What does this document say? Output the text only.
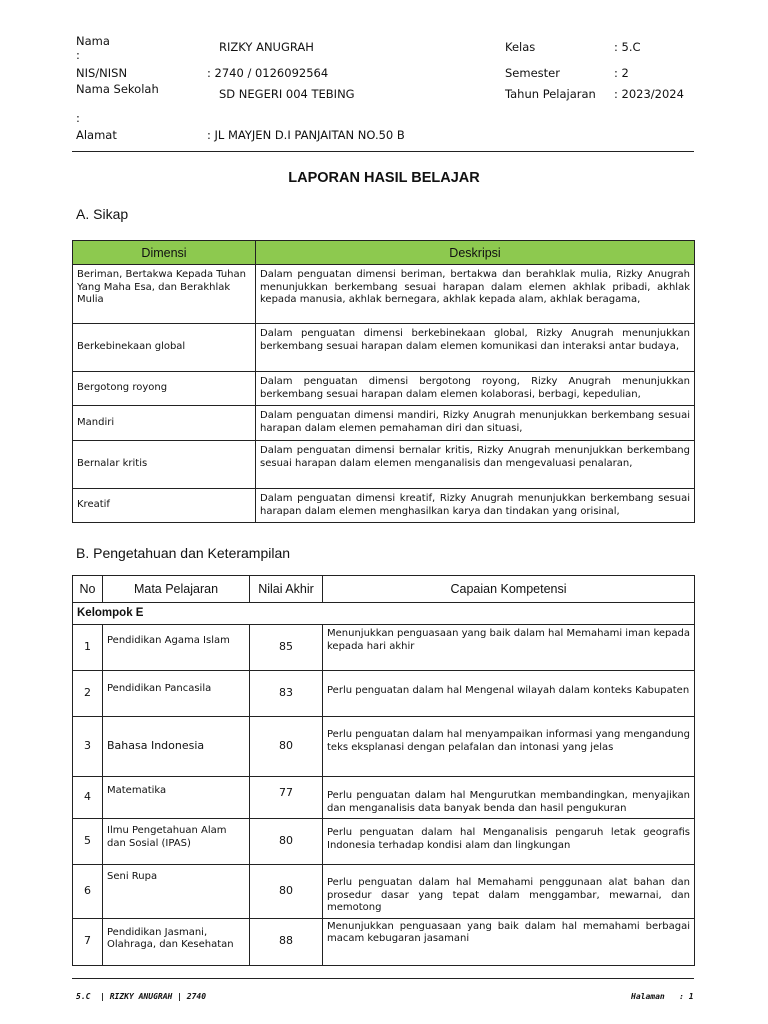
Nama
:
RIZKY ANUGRAH
NIS/NISN	: 2740 / 0126092564
Nama Sekolah	SD NEGERI 004 TEBING
:
Alamat	: JL MAYJEN D.I PANJAITAN NO.50 B
Kelas	: 5.C
Semester	: 2
Tahun Pelajaran : 2023/2024
LAPORAN HASIL BELAJAR
A. Sikap
Dimensi	Deskripsi
Beriman, Bertakwa Kepada Tuhan Yang Maha Esa, dan Berakhlak Mulia	Dalam penguatan dimensi beriman, bertakwa dan berahklak mulia, Rizky Anugrah menunjukkan berkembang sesuai harapan dalam elemen akhlak pribadi, akhlak kepada manusia, akhlak bernegara, akhlak kepada alam, akhlak beragama,
Berkebinekaan global	Dalam penguatan dimensi berkebinekaan global, Rizky Anugrah menunjukkan berkembang sesuai harapan dalam elemen komunikasi dan interaksi antar budaya,
Bergotong royong	Dalam penguatan dimensi bergotong royong, Rizky Anugrah menunjukkan berkembang sesuai harapan dalam elemen kolaborasi, berbagi, kepedulian,
Mandiri	Dalam penguatan dimensi mandiri, Rizky Anugrah menunjukkan berkembang sesuai harapan dalam elemen pemahaman diri dan situasi,
Bernalar kritis	Dalam penguatan dimensi bernalar kritis, Rizky Anugrah menunjukkan berkembang sesuai harapan dalam elemen menganalisis dan mengevaluasi penalaran,
Kreatif	Dalam penguatan dimensi kreatif, Rizky Anugrah menunjukkan berkembang sesuai harapan dalam elemen menghasilkan karya dan tindakan yang orisinal,
B. Pengetahuan dan Keterampilan
No	Mata Pelajaran	Nilai Akhir	Capaian Kompetensi
Kelompok E			
1	Pendidikan Agama Islam	85	Menunjukkan penguasaan yang baik dalam hal Memahami iman kepada kepada hari akhir
2	Pendidikan Pancasila	83	Perlu penguatan dalam hal Mengenal wilayah dalam konteks Kabupaten
3	Bahasa Indonesia	80	Perlu penguatan dalam hal menyampaikan informasi yang mengandung teks eksplanasi dengan pelafalan dan intonasi yang jelas
4	Matematika	77	Perlu penguatan dalam hal Mengurutkan membandingkan, menyajikan dan menganalisis data banyak benda dan hasil pengukuran
5	Ilmu Pengetahuan Alam dan Sosial (IPAS)	80	Perlu penguatan dalam hal Menganalisis pengaruh letak geografis Indonesia terhadap kondisi alam dan lingkungan
6	Seni Rupa	80	Perlu penguatan dalam hal Memahami penggunaan alat bahan dan prosedur dasar yang tepat dalam menggambar, mewarnai, dan memotong
7	Pendidikan Jasmani, Olahraga, dan Kesehatan	88	Menunjukkan penguasaan yang baik dalam hal memahami berbagai macam kebugaran jasamani
5.C  | RIZKY ANUGRAH | 2740	Halaman   : 1
